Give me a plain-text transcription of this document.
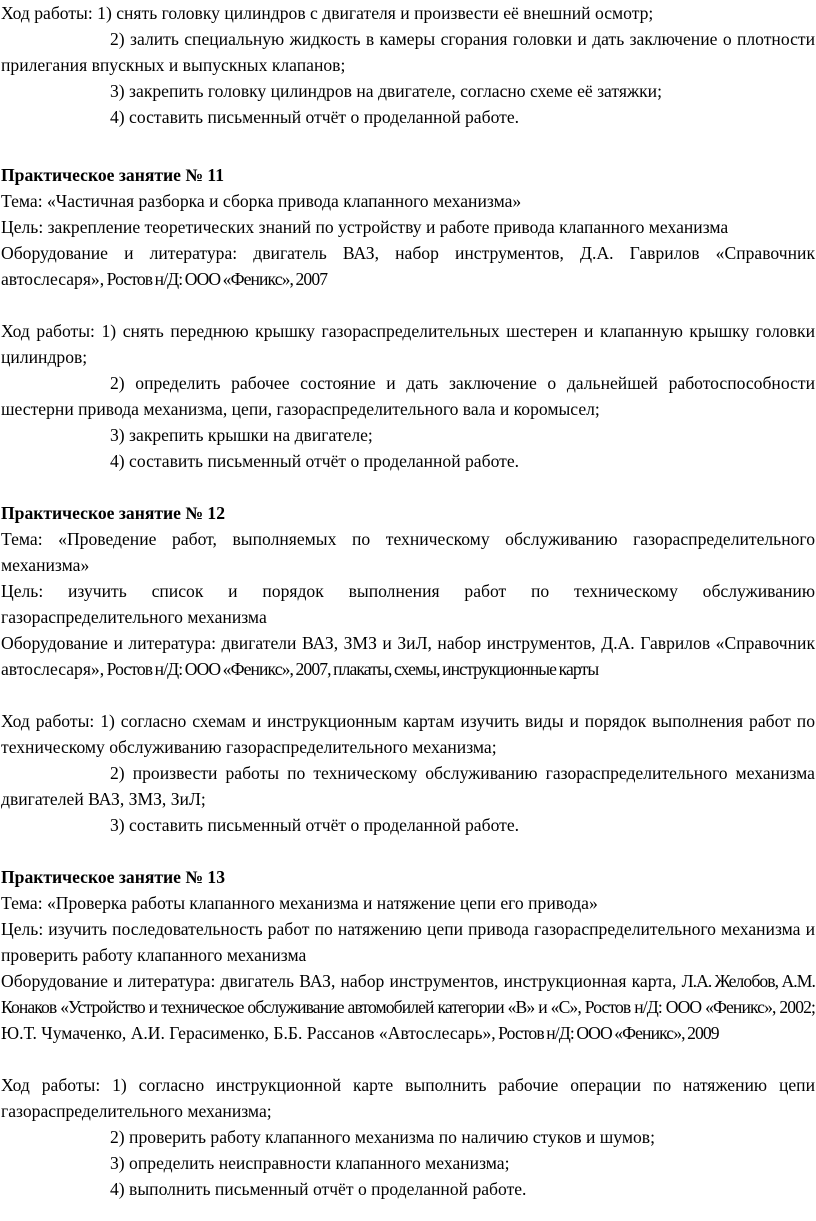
Ход работы: 1) снять головку цилиндров с двигателя и произвести её внешний осмотр;

2) залить специальную жидкость в камеры сгорания головки и дать заключение о плотности прилегания впускных и выпускных клапанов;

3) закрепить головку цилиндров на двигателе, согласно схеме её затяжки;

4) составить письменный отчёт о проделанной работе.

Практическое занятие № 11

Тема: «Частичная разборка и сборка привода клапанного механизма»

Цель: закрепление теоретических знаний по устройству и работе привода клапанного механизма

Оборудование и литература: двигатель ВАЗ, набор инструментов, Д.А. Гаврилов «Справочник автослесаря», Ростов н/Д: ООО «Феникс», 2007

Ход работы: 1) снять переднюю крышку газораспределительных шестерен и клапанную крышку головки цилиндров;

2) определить рабочее состояние и дать заключение о дальнейшей работоспособности шестерни привода механизма, цепи, газораспределительного вала и коромысел;

3) закрепить крышки на двигателе;

4) составить письменный отчёт о проделанной работе.

Практическое занятие № 12

Тема: «Проведение работ, выполняемых по техническому обслуживанию газораспределительного механизма»

Цель: изучить список и порядок выполнения работ по техническому обслуживанию газораспределительного механизма

Оборудование и литература: двигатели ВАЗ, ЗМЗ и ЗиЛ, набор инструментов, Д.А. Гаврилов «Справочник автослесаря», Ростов н/Д: ООО «Феникс», 2007, плакаты, схемы, инструкционные карты

Ход работы: 1) согласно схемам и инструкционным картам изучить виды и порядок выполнения работ по техническому обслуживанию газораспределительного механизма;

2) произвести работы по техническому обслуживанию газораспределительного механизма двигателей ВАЗ, ЗМЗ, ЗиЛ;

3) составить письменный отчёт о проделанной работе.

Практическое занятие № 13

Тема: «Проверка работы клапанного механизма и натяжение цепи его привода»

Цель: изучить последовательность работ по натяжению цепи привода газораспределительного механизма и проверить работу клапанного механизма

Оборудование и литература: двигатель ВАЗ, набор инструментов, инструкционная карта, Л.А. Желобов, А.М. Конаков «Устройство и техническое обслуживание автомобилей категории «В» и «С», Ростов н/Д: ООО «Феникс», 2002; Ю.Т. Чумаченко, А.И. Герасименко, Б.Б. Рассанов «Автослесарь», Ростов н/Д: ООО «Феникс», 2009

Ход работы: 1) согласно инструкционной карте выполнить рабочие операции по натяжению цепи газораспределительного механизма;

2) проверить работу клапанного механизма по наличию стуков и шумов;

3) определить неисправности клапанного механизма;

4) выполнить письменный отчёт о проделанной работе.
